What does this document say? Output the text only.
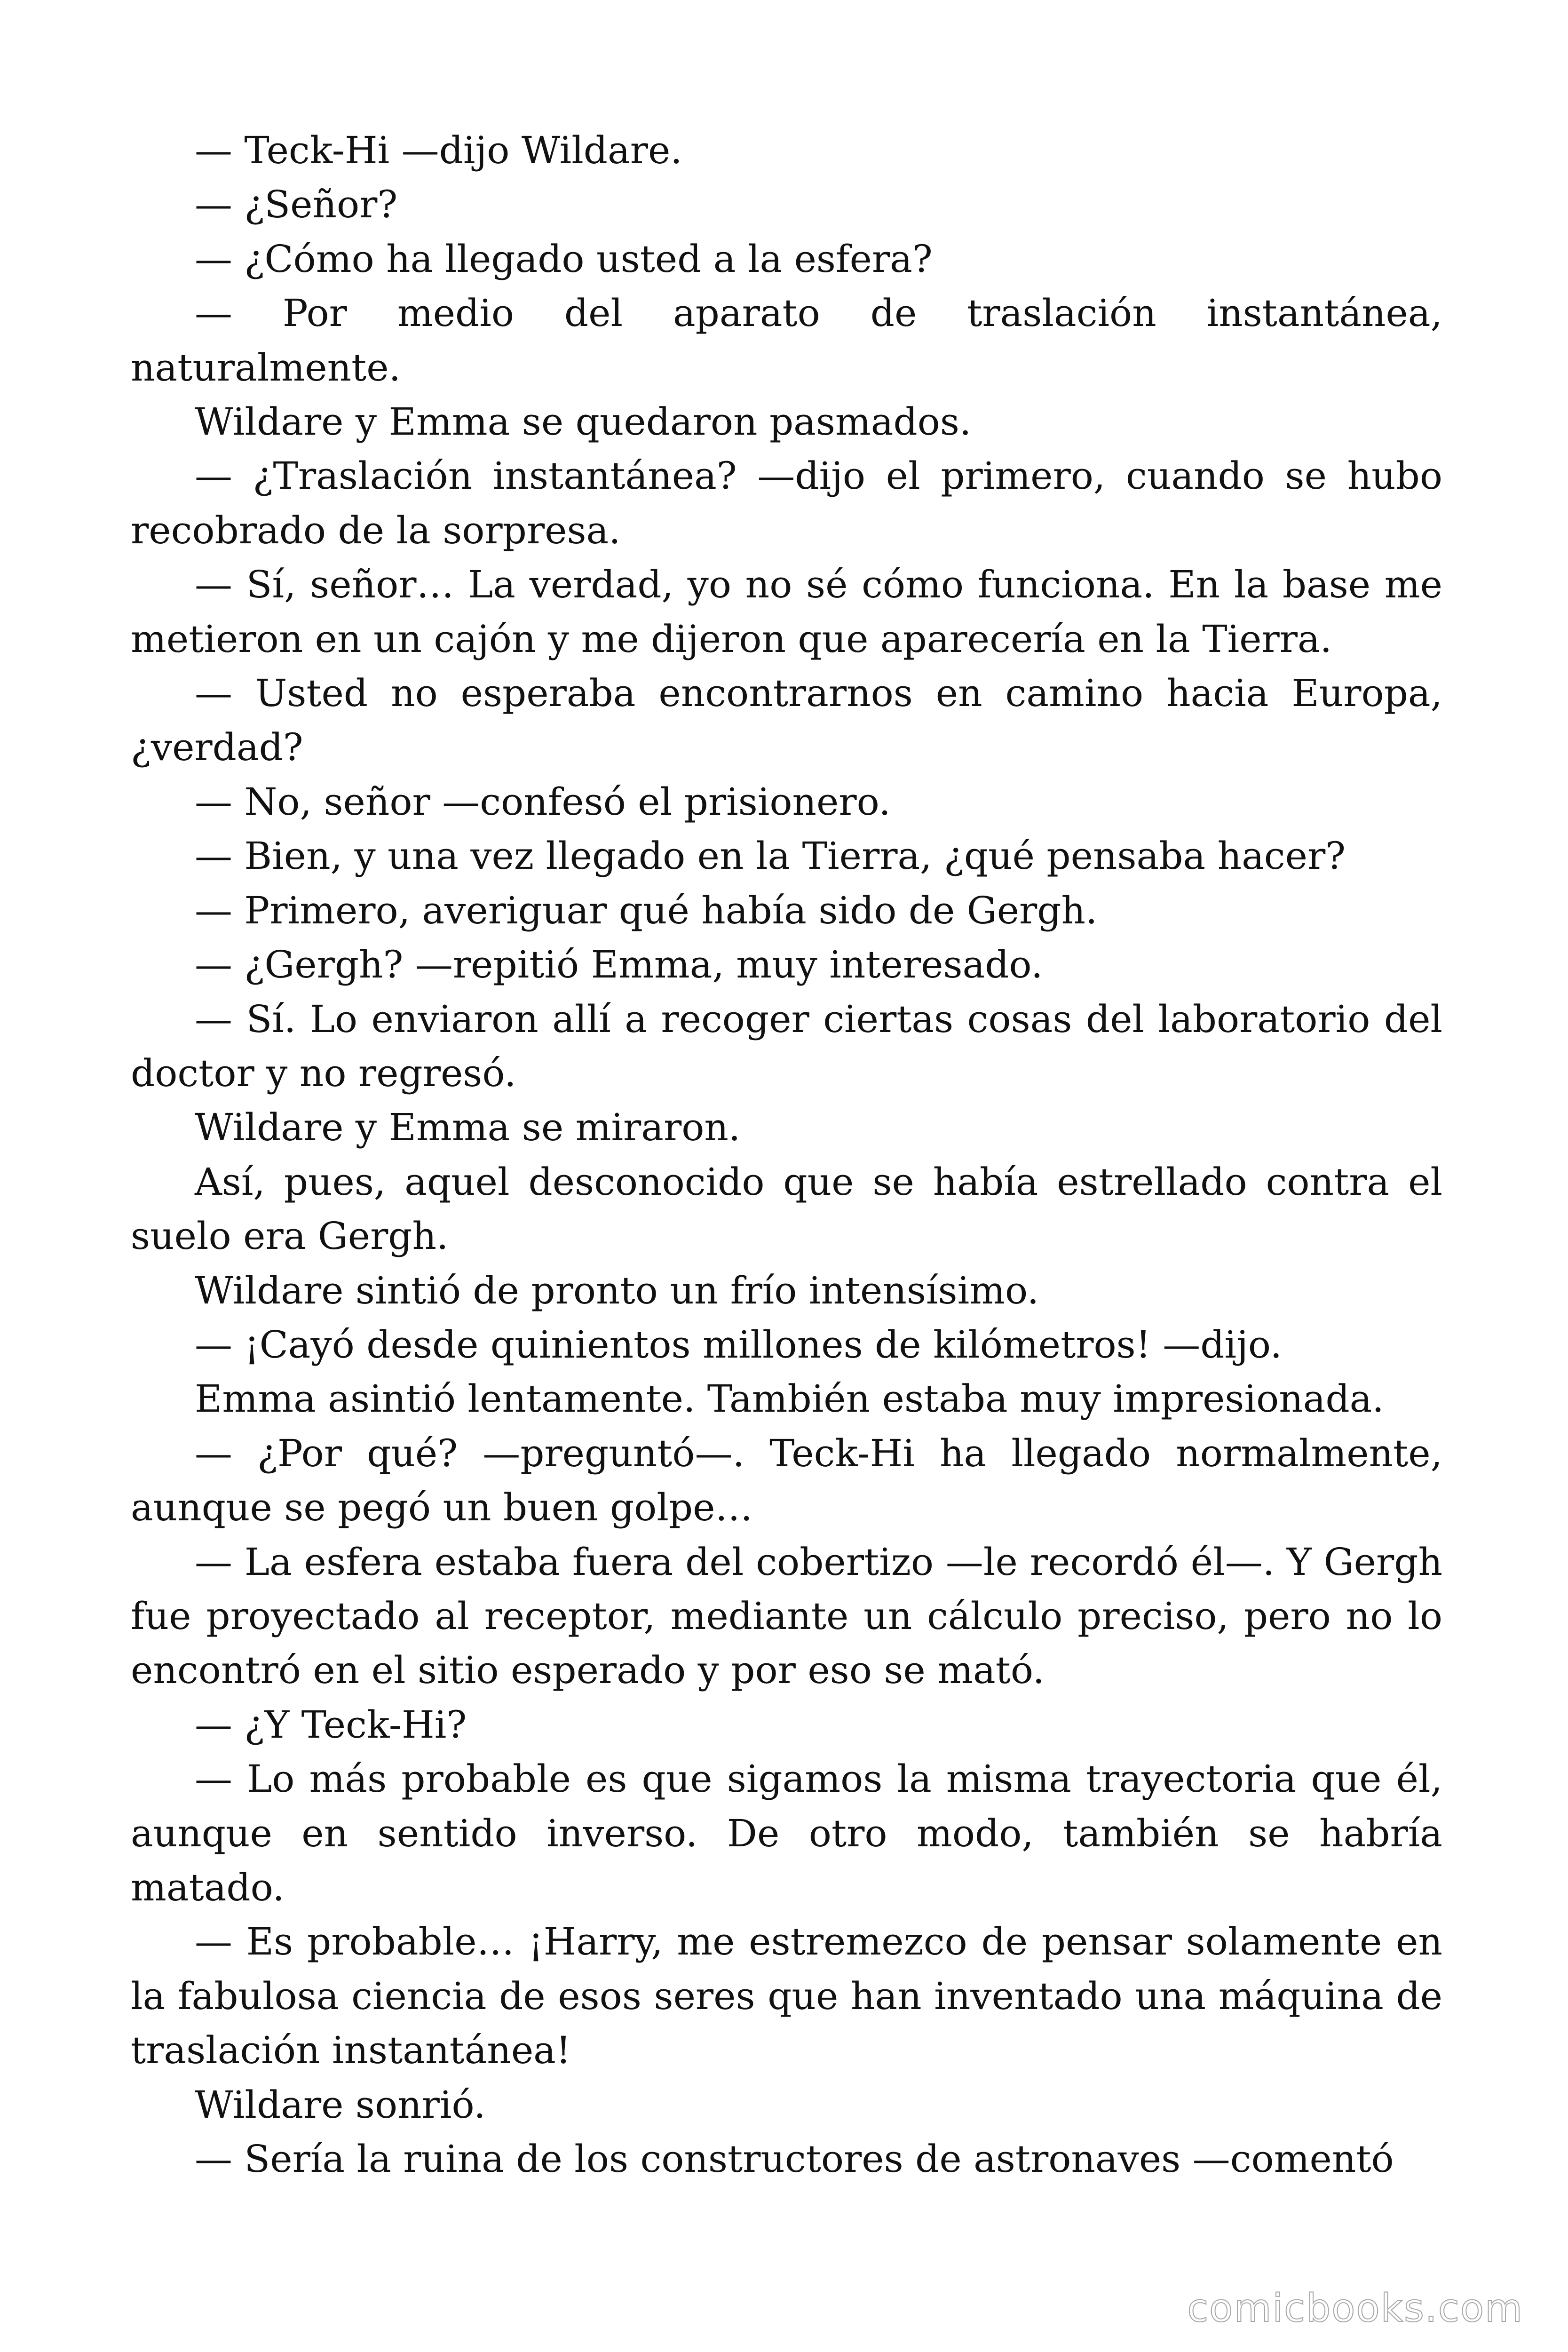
— Teck-Hi —dijo Wildare.

— ¿Señor?

— ¿Cómo ha llegado usted a la esfera?

— Por medio del aparato de traslación instantánea, naturalmente.

Wildare y Emma se quedaron pasmados.

— ¿Traslación instantánea? —dijo el primero, cuando se hubo recobrado de la sorpresa.

— Sí, señor… La verdad, yo no sé cómo funciona. En la base me metieron en un cajón y me dijeron que aparecería en la Tierra.

— Usted no esperaba encontrarnos en camino hacia Europa, ¿verdad?

— No, señor —confesó el prisionero.

— Bien, y una vez llegado en la Tierra, ¿qué pensaba hacer?

— Primero, averiguar qué había sido de Gergh.

— ¿Gergh? —repitió Emma, muy interesado.

— Sí. Lo enviaron allí a recoger ciertas cosas del laboratorio del doctor y no regresó.

Wildare y Emma se miraron.

Así, pues, aquel desconocido que se había estrellado contra el suelo era Gergh.

Wildare sintió de pronto un frío intensísimo.

— ¡Cayó desde quinientos millones de kilómetros! —dijo.

Emma asintió lentamente. También estaba muy impresionada.

— ¿Por qué? —preguntó—. Teck-Hi ha llegado normalmente, aunque se pegó un buen golpe…

— La esfera estaba fuera del cobertizo —le recordó él—. Y Gergh fue proyectado al receptor, mediante un cálculo preciso, pero no lo encontró en el sitio esperado y por eso se mató.

— ¿Y Teck-Hi?

— Lo más probable es que sigamos la misma trayectoria que él, aunque en sentido inverso. De otro modo, también se habría matado.

— Es probable… ¡Harry, me estremezco de pensar solamente en la fabulosa ciencia de esos seres que han inventado una máquina de traslación instantánea!

Wildare sonrió.

— Sería la ruina de los constructores de astronaves —comentó

comicbooks.com
